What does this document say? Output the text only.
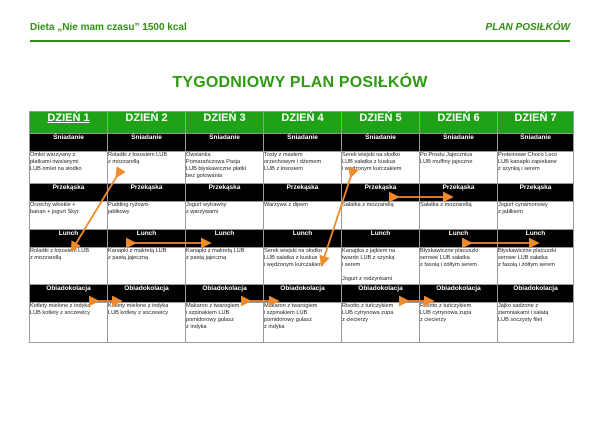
Dieta „Nie mam czasu” 1500 kcal	PLAN POSIŁKÓW
TYGODNIOWY PLAN POSIŁKÓW
DZIEŃ 1	DZIEŃ 2	DZIEŃ 3	DZIEŃ 4	DZIEŃ 5	DZIEŃ 6	DZIEŃ 7
Śniadanie	Śniadanie	Śniadanie	Śniadanie	Śniadanie	Śniadanie	Śniadanie
Omlet warzywny z
płatkami owsianymi
LUB omlet na słodko	Roladki z łososiem LUB
z mozzarellą	Owsianka
Pomarańczowa Pasja
LUB błyskawiczne płatki
bez gotowania	Tosty z masłem
orzechowym i dżemem
LUB z łososiem	Serek wiejski na słodko
LUB sałatka z kuskus
i wędzonym kurczakiem	Po Prostu Jajecznica
LUB muffiny jajeczne	Proteinowe Choco Loco
LUB kanapki zapiekane
z szynką i serem
Przekąska	Przekąska	Przekąska	Przekąska	Przekąska	Przekąska	Przekąska
Orzechy włoskie +
banan + jogurt Skyr	Pudding ryżowo-
jabłkowy	Jogurt wytrawny
z warzywami	Warzywa z dipem	Sałatka z mozzarellą	Sałatka z mozzarellą	Jogurt cynamonowy
z jabłkiem
Lunch	Lunch	Lunch	Lunch	Lunch	Lunch	Lunch
Roladki z łososiem LUB
z mozzarellą	Kanapki z makrelą LUB
z pastą jajeczną	Kanapki z makrelą LUB
z pastą jajeczną	Serek wiejski na słodko
LUB sałatka z kuskus
i wędzonym kurczakiem	Kanapka z jajkiem na
twardo LUB z szynką
i serem

Jogurt z rodzynkami	Błyskawiczne placuszki
serowe LUB sałatka
z fasolą i żółtym serem	Błyskawiczne placuszki
serowe LUB sałatka
z fasolą i żółtym serem
Obiadokolacja	Obiadokolacja	Obiadokolacja	Obiadokolacja	Obiadokolacja	Obiadokolacja	Obiadokolacja
Kotlety mielone z indyka
LUB kotlety z soczewicy	Kotlety mielone z indyka
LUB kotlety z soczewicy	Makaron z twarogiem
i szpinakiem LUB
pomidorowy gulasz
z indyka	Makaron z twarogiem
i szpinakiem LUB
pomidorowy gulasz
z indyka	Risotto z tuńczykiem
LUB cytrynowa zupa
z ciecierzy	Risotto z tuńczykiem
LUB cytrynowa zupa
z ciecierzy	Jajko sadzone z
ziemniakami i sałatą
LUB soczysty filet
